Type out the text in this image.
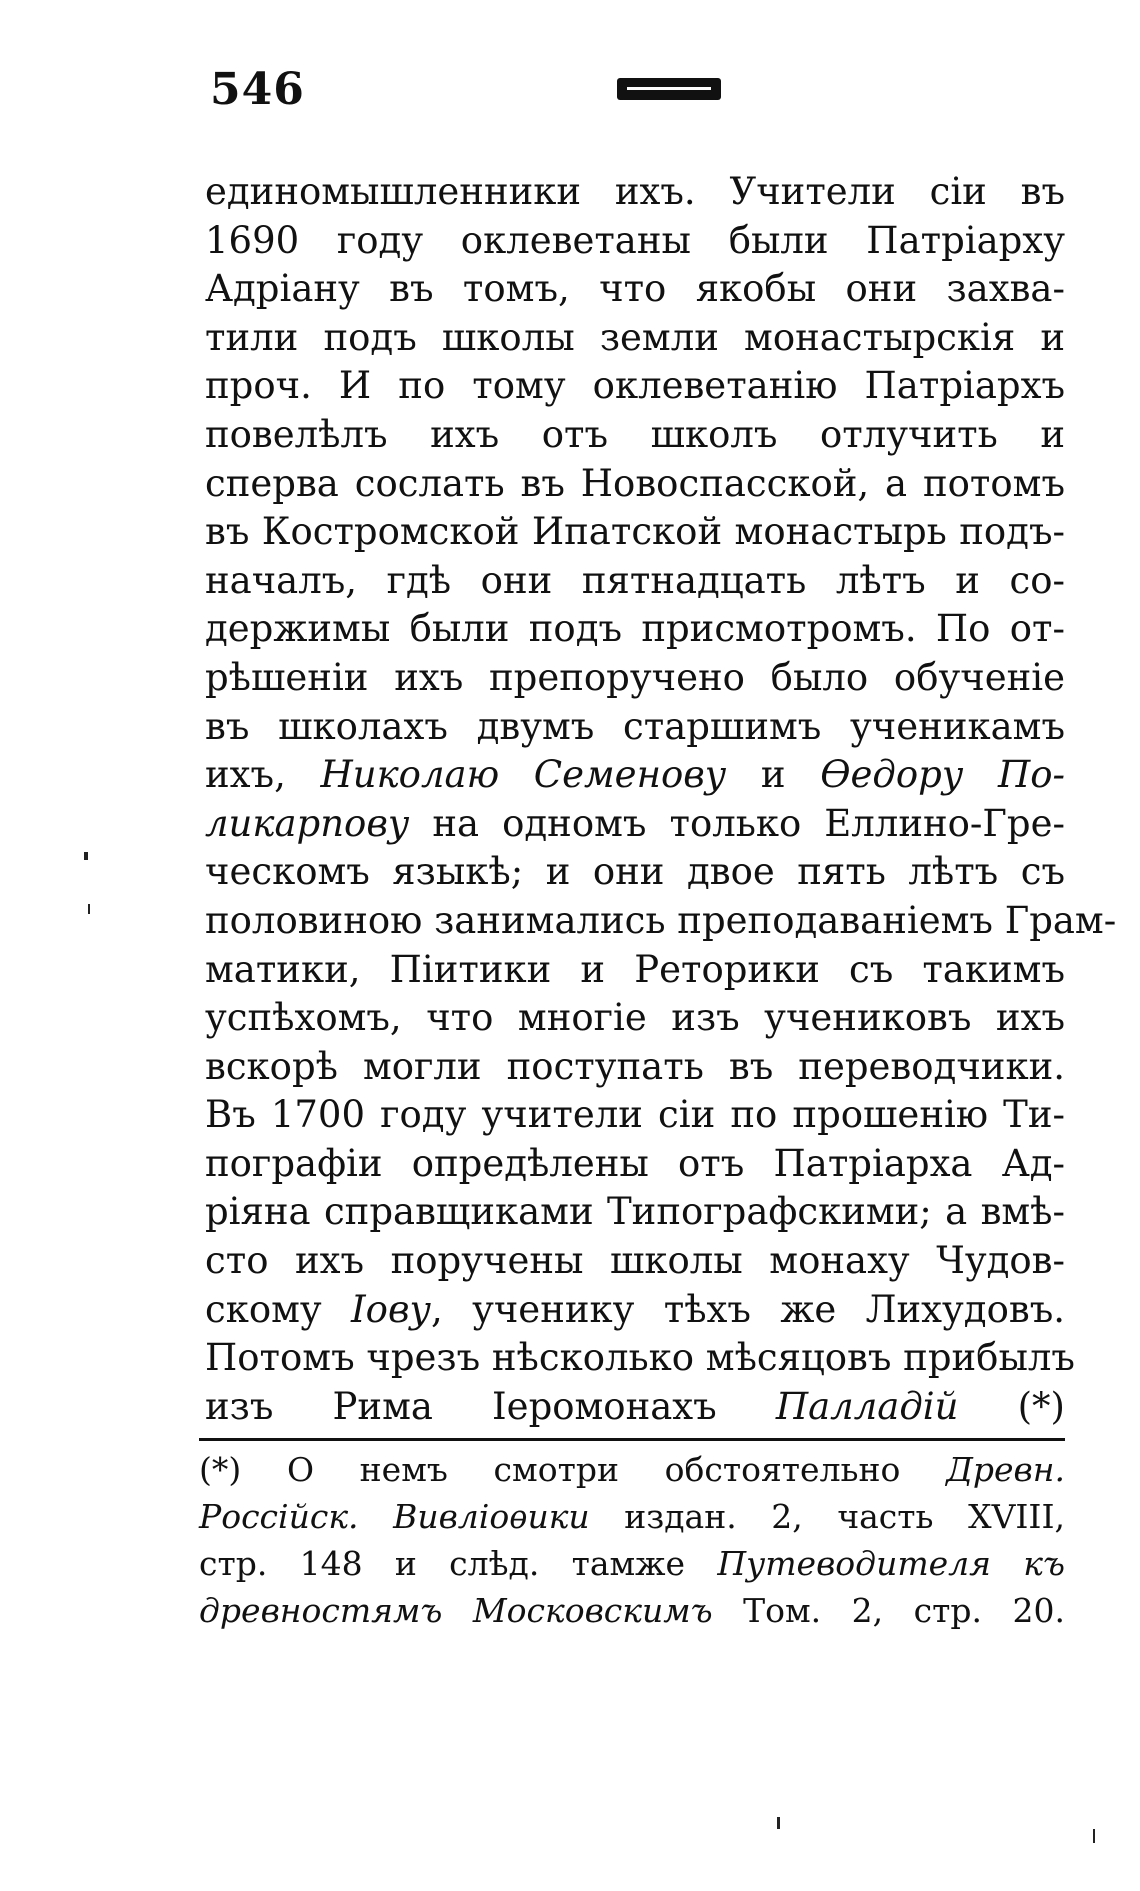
546
единомышленники ихъ. Учители сіи въ
1690 году оклеветаны были Патріарху
Адріану въ томъ, что якобы они захва-
тили подъ школы земли монастырскія и
проч. И по тому оклеветанію Патріархъ
повелѣлъ ихъ отъ школъ отлучить и
сперва сослать въ Новоспасской, а потомъ
въ Костромской Ипатской монастырь подъ-
началъ, гдѣ они пятнадцать лѣтъ и со-
держимы были подъ присмотромъ. По от-
рѣшеніи ихъ препоручено было обученіе
въ школахъ двумъ старшимъ ученикамъ
ихъ, Николаю Семенову и Ѳедору По-
ликарпову на одномъ только Еллино-Гре-
ческомъ языкѣ; и они двое пять лѣтъ съ
половиною занимались преподаваніемъ Грам-
матики, Піитики и Реторики съ такимъ
успѣхомъ, что многіе изъ учениковъ ихъ
вскорѣ могли поступать въ переводчики.
Въ 1700 году учители сіи по прошенію Ти-
пографіи опредѣлены отъ Патріарха Ад-
ріяна справщиками Типографскими; а вмѣ-
сто ихъ поручены школы монаху Чудов-
скому Іову, ученику тѣхъ же Лихудовъ.
Потомъ чрезъ нѣсколько мѣсяцовъ прибылъ
изъ Рима Іеромонахъ Палладій (*)
(*) О немъ смотри обстоятельно Древн.
Россійск. Вивліоѳики издан. 2, часть XVIII,
стр. 148 и слѣд. тамже Путеводителя къ
древностямъ Московскимъ Том. 2, стр. 20.
